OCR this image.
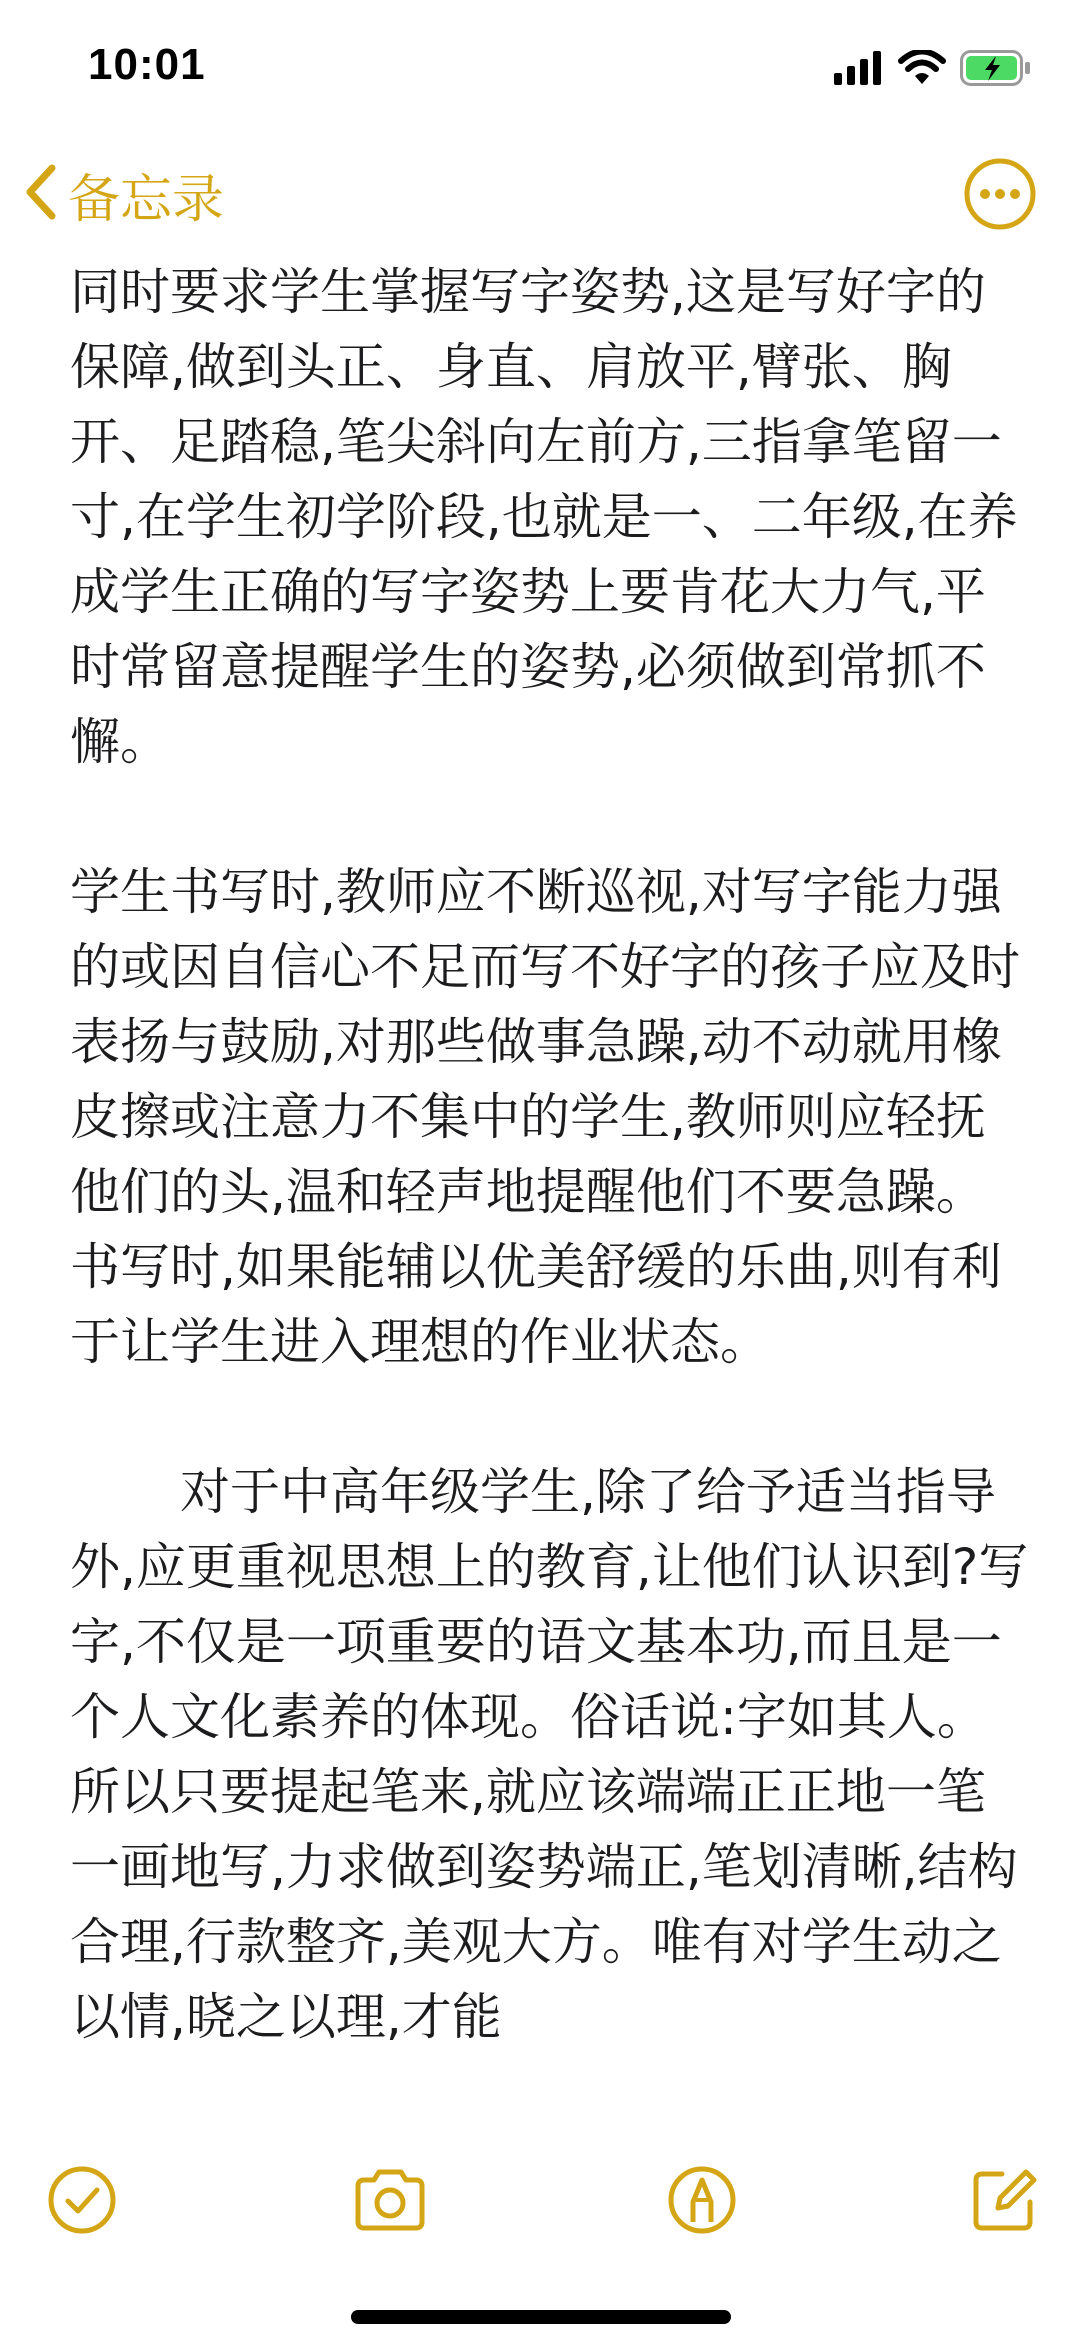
10:01
备忘录

同时要求学生掌握写字姿势,这是写好字的保障,做到头正、身直、肩放平,臂张、胸开、足踏稳,笔尖斜向左前方,三指拿笔留一寸,在学生初学阶段,也就是一、二年级,在养成学生正确的写字姿势上要肯花大力气,平时常留意提醒学生的姿势,必须做到常抓不懈。

学生书写时,教师应不断巡视,对写字能力强的或因自信心不足而写不好字的孩子应及时表扬与鼓励,对那些做事急躁,动不动就用橡皮擦或注意力不集中的学生,教师则应轻抚他们的头,温和轻声地提醒他们不要急躁。书写时,如果能辅以优美舒缓的乐曲,则有利于让学生进入理想的作业状态。

对于中高年级学生,除了给予适当指导外,应更重视思想上的教育,让他们认识到?写字,不仅是一项重要的语文基本功,而且是一个人文化素养的体现。俗话说:字如其人。所以只要提起笔来,就应该端端正正地一笔一画地写,力求做到姿势端正,笔划清晰,结构合理,行款整齐,美观大方。唯有对学生动之以情,晓之以理,才能
